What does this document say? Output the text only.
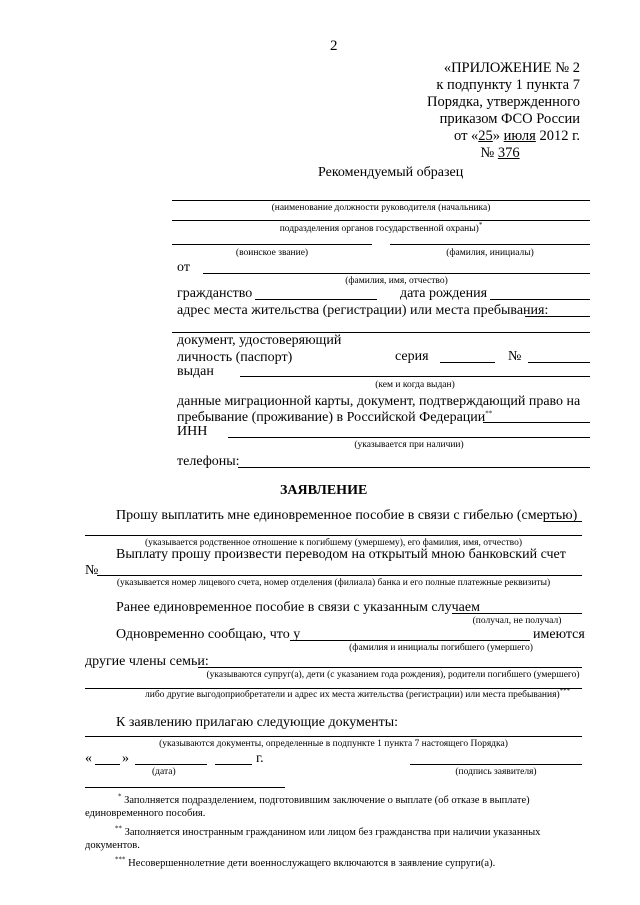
2
«ПРИЛОЖЕНИЕ № 2
к подпункту 1 пункта 7
Порядка, утвержденного
приказом ФСО России
от «25» июля 2012 г.
№ 376
Рекомендуемый образец
(наименование должности руководителя (начальника)
подразделения органов государственной охраны)*
(воинское звание)	(фамилия, инициалы)
от
(фамилия, имя, отчество)
гражданство	дата рождения
адрес места жительства (регистрации) или места пребывания:
документ, удостоверяющий
личность (паспорт)	серия	№
выдан
(кем и когда выдан)
данные миграционной карты, документ, подтверждающий право на
пребывание (проживание) в Российской Федерации**
ИНН
(указывается при наличии)
телефоны:
ЗАЯВЛЕНИЕ
Прошу выплатить мне единовременное пособие в связи с гибелью (смертью)
(указывается родственное отношение к погибшему (умершему), его фамилия, имя, отчество)
Выплату прошу произвести переводом на открытый мною банковский счет
№
(указывается номер лицевого счета, номер отделения (филиала) банка и его полные платежные реквизиты)
Ранее единовременное пособие в связи с указанным случаем
(получал, не получал)
Одновременно сообщаю, что у	имеются
(фамилия и инициалы погибшего (умершего)
другие члены семьи:
(указываются супруг(а), дети (с указанием года рождения), родители погибшего (умершего)
либо другие выгодоприобретатели и адрес их места жительства (регистрации) или места пребывания)***
К заявлению прилагаю следующие документы:
(указываются документы, определенные в подпункте 1 пункта 7 настоящего Порядка)
« »	г.
(дата)	(подпись заявителя)
* Заполняется подразделением, подготовившим заключение о выплате (об отказе в выплате)
единовременного пособия.
** Заполняется иностранным гражданином или лицом без гражданства при наличии указанных
документов.
*** Несовершеннолетние дети военнослужащего включаются в заявление супруги(а).
